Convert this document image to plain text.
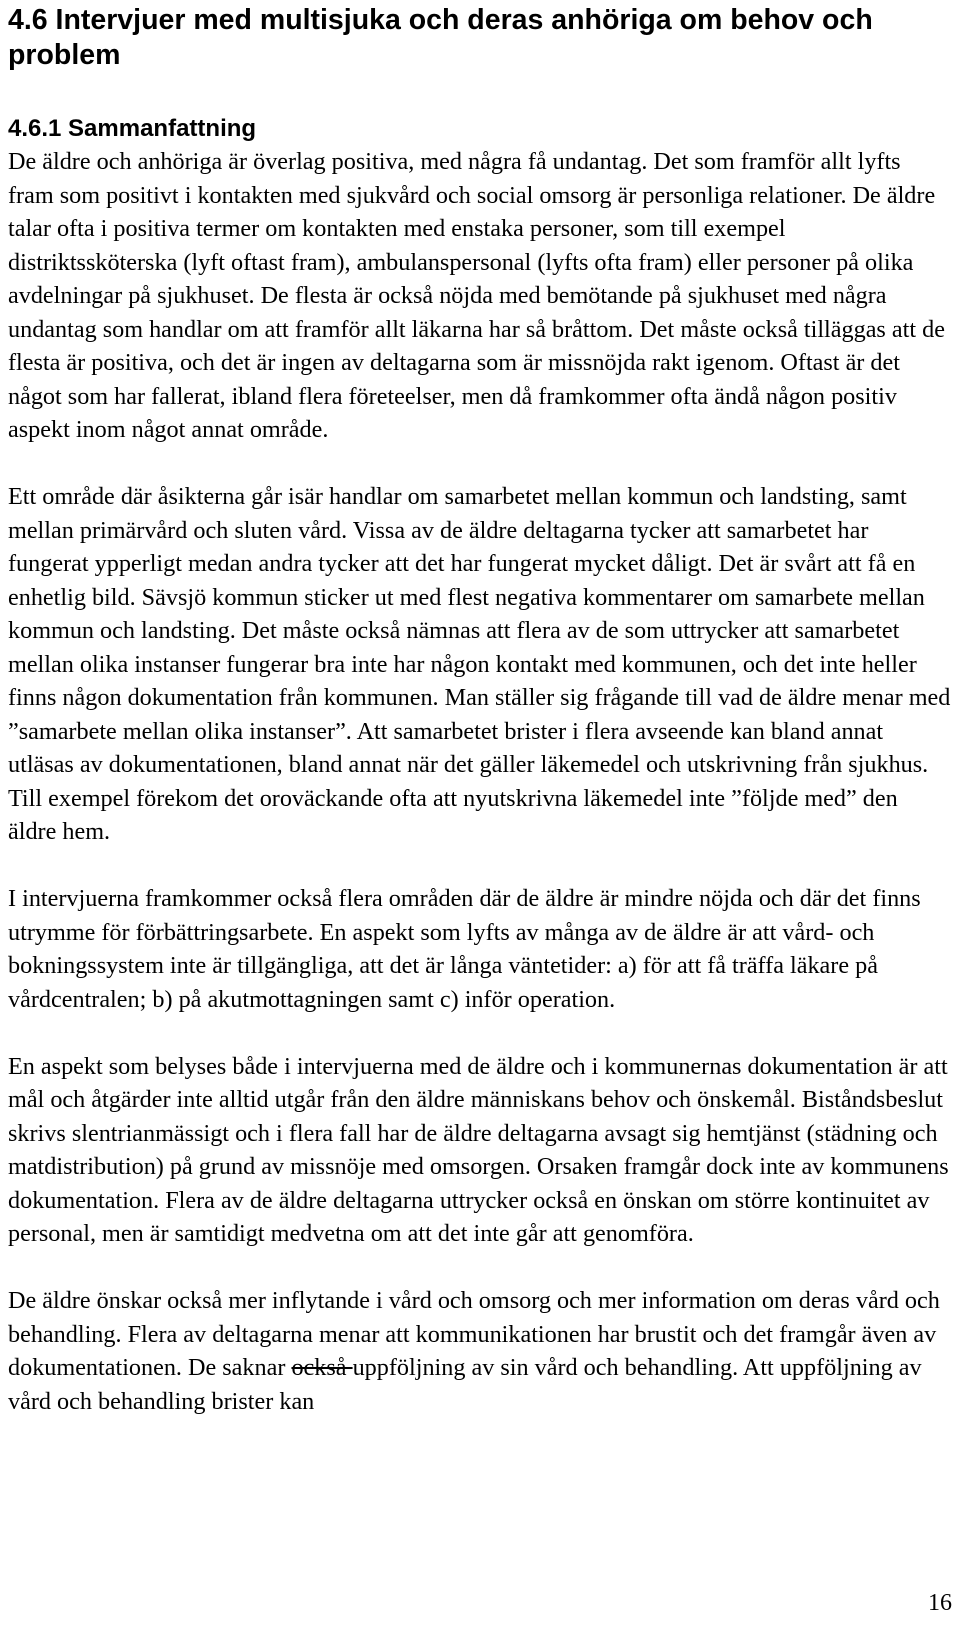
4.6 Intervjuer med multisjuka och deras anhöriga om behov och problem
4.6.1 Sammanfattning

De äldre och anhöriga är överlag positiva, med några få undantag. Det som framför allt lyfts fram som positivt i kontakten med sjukvård och social omsorg är personliga relationer. De äldre talar ofta i positiva termer om kontakten med enstaka personer, som till exempel distriktssköterska (lyft oftast fram), ambulanspersonal (lyfts ofta fram) eller personer på olika avdelningar på sjukhuset. De flesta är också nöjda med bemötande på sjukhuset med några undantag som handlar om att framför allt läkarna har så bråttom. Det måste också tilläggas att de flesta är positiva, och det är ingen av deltagarna som är missnöjda rakt igenom. Oftast är det något som har fallerat, ibland flera företeelser, men då framkommer ofta ändå någon positiv aspekt inom något annat område.

Ett område där åsikterna går isär handlar om samarbetet mellan kommun och landsting, samt mellan primärvård och sluten vård. Vissa av de äldre deltagarna tycker att samarbetet har fungerat ypperligt medan andra tycker att det har fungerat mycket dåligt. Det är svårt att få en enhetlig bild. Sävsjö kommun sticker ut med flest negativa kommentarer om samarbete mellan kommun och landsting. Det måste också nämnas att flera av de som uttrycker att samarbetet mellan olika instanser fungerar bra inte har någon kontakt med kommunen, och det inte heller finns någon dokumentation från kommunen. Man ställer sig frågande till vad de äldre menar med ”samarbete mellan olika instanser”. Att samarbetet brister i flera avseende kan bland annat utläsas av dokumentationen, bland annat när det gäller läkemedel och utskrivning från sjukhus. Till exempel förekom det oroväckande ofta att nyutskrivna läkemedel inte ”följde med” den äldre hem.

I intervjuerna framkommer också flera områden där de äldre är mindre nöjda och där det finns utrymme för förbättringsarbete. En aspekt som lyfts av många av de äldre är att vård- och bokningssystem inte är tillgängliga, att det är långa väntetider: a) för att få träffa läkare på vårdcentralen; b) på akutmottagningen samt c) inför operation.

En aspekt som belyses både i intervjuerna med de äldre och i kommunernas dokumentation är att mål och åtgärder inte alltid utgår från den äldre människans behov och önskemål. Biståndsbeslut skrivs slentrianmässigt och i flera fall har de äldre deltagarna avsagt sig hemtjänst (städning och matdistribution) på grund av missnöje med omsorgen. Orsaken framgår dock inte av kommunens dokumentation. Flera av de äldre deltagarna uttrycker också en önskan om större kontinuitet av personal, men är samtidigt medvetna om att det inte går att genomföra.

De äldre önskar också mer inflytande i vård och omsorg och mer information om deras vård och behandling. Flera av deltagarna menar att kommunikationen har brustit och det framgår även av dokumentationen. De saknar också uppföljning av sin vård och behandling. Att uppföljning av vård och behandling brister kan

16
